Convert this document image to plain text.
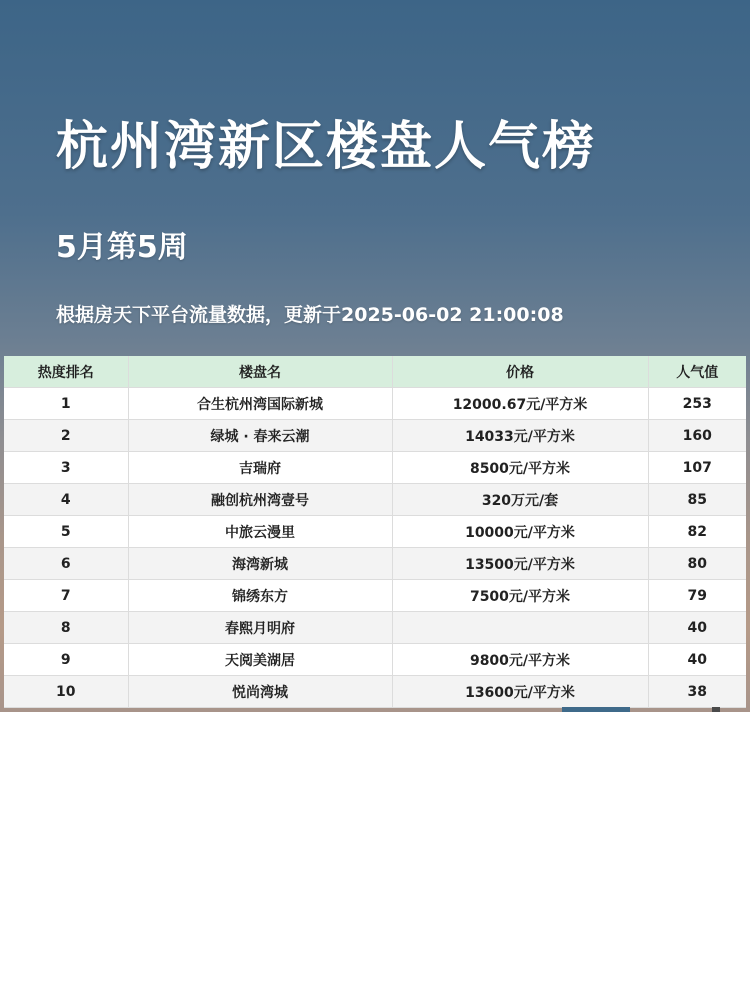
杭州湾新区楼盘人气榜
5月第5周
根据房天下平台流量数据，更新于2025-06-02 21:00:08
热度排名	楼盘名	价格	人气值
1	合生杭州湾国际新城	12000.67元/平方米	253
2	绿城 · 春来云潮	14033元/平方米	160
3	吉瑞府	8500元/平方米	107
4	融创杭州湾壹号	320万元/套	85
5	中旅云漫里	10000元/平方米	82
6	海湾新城	13500元/平方米	80
7	锦绣东方	7500元/平方米	79
8	春熙月明府		40
9	天阅美湖居	9800元/平方米	40
10	悦尚湾城	13600元/平方米	38
